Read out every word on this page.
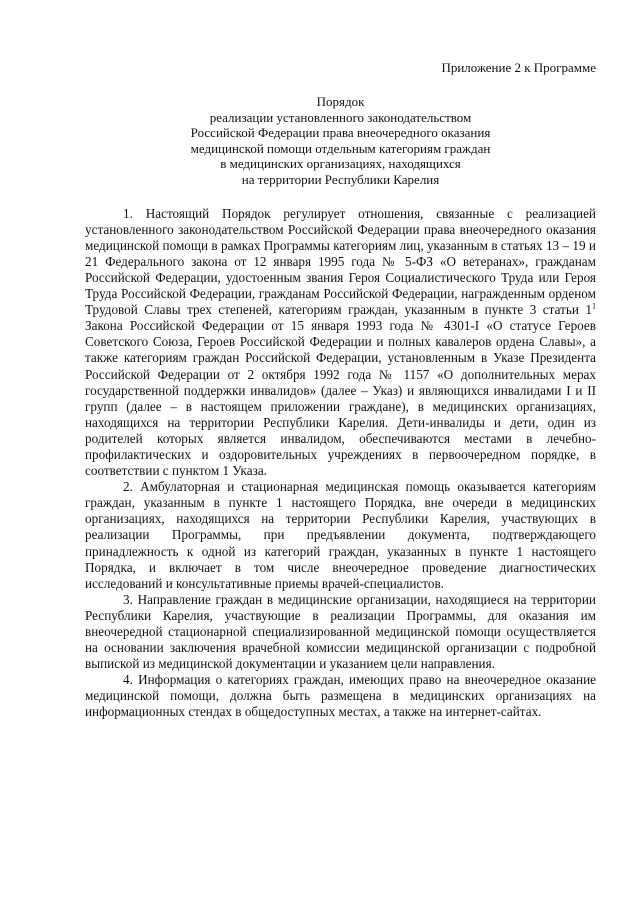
Приложение 2 к Программе

Порядок
реализации установленного законодательством
Российской Федерации права внеочередного оказания
медицинской помощи отдельным категориям граждан
в медицинских организациях, находящихся
на территории Республики Карелия

1. Настоящий Порядок регулирует отношения, связанные с реализацией установленного законодательством Российской Федерации права внеочередного оказания медицинской помощи в рамках Программы категориям лиц, указанным в статьях 13 – 19 и 21 Федерального закона от 12 января 1995 года № 5-ФЗ «О ветеранах», гражданам Российской Федерации, удостоенным звания Героя Социалистического Труда или Героя Труда Российской Федерации, гражданам Российской Федерации, награжденным орденом Трудовой Славы трех степеней, категориям граждан, указанным в пункте 3 статьи $1^1$ Закона Российской Федерации от 15 января 1993 года № 4301-I «О статусе Героев Советского Союза, Героев Российской Федерации и полных кавалеров ордена Славы», а также категориям граждан Российской Федерации, установленным в Указе Президента Российской Федерации от 2 октября 1992 года № 1157 «О дополнительных мерах государственной поддержки инвалидов» (далее – Указ) и являющихся инвалидами I и II групп (далее – в настоящем приложении граждане), в медицинских организациях, находящихся на территории Республики Карелия. Дети-инвалиды и дети, один из родителей которых является инвалидом, обеспечиваются местами в лечебно-профилактических и оздоровительных учреждениях в первоочередном порядке, в соответствии с пунктом 1 Указа.

2. Амбулаторная и стационарная медицинская помощь оказывается категориям граждан, указанным в пункте 1 настоящего Порядка, вне очереди в медицинских организациях, находящихся на территории Республики Карелия, участвующих в реализации Программы, при предъявлении документа, подтверждающего принадлежность к одной из категорий граждан, указанных в пункте 1 настоящего Порядка, и включает в том числе внеочередное проведение диагностических исследований и консультативные приемы врачей-специалистов.

3. Направление граждан в медицинские организации, находящиеся на территории Республики Карелия, участвующие в реализации Программы, для оказания им внеочередной стационарной специализированной медицинской помощи осуществляется на основании заключения врачебной комиссии медицинской организации с подробной выпиской из медицинской документации и указанием цели направления.

4. Информация о категориях граждан, имеющих право на внеочередное оказание медицинской помощи, должна быть размещена в медицинских организациях на информационных стендах в общедоступных местах, а также на интернет-сайтах.
